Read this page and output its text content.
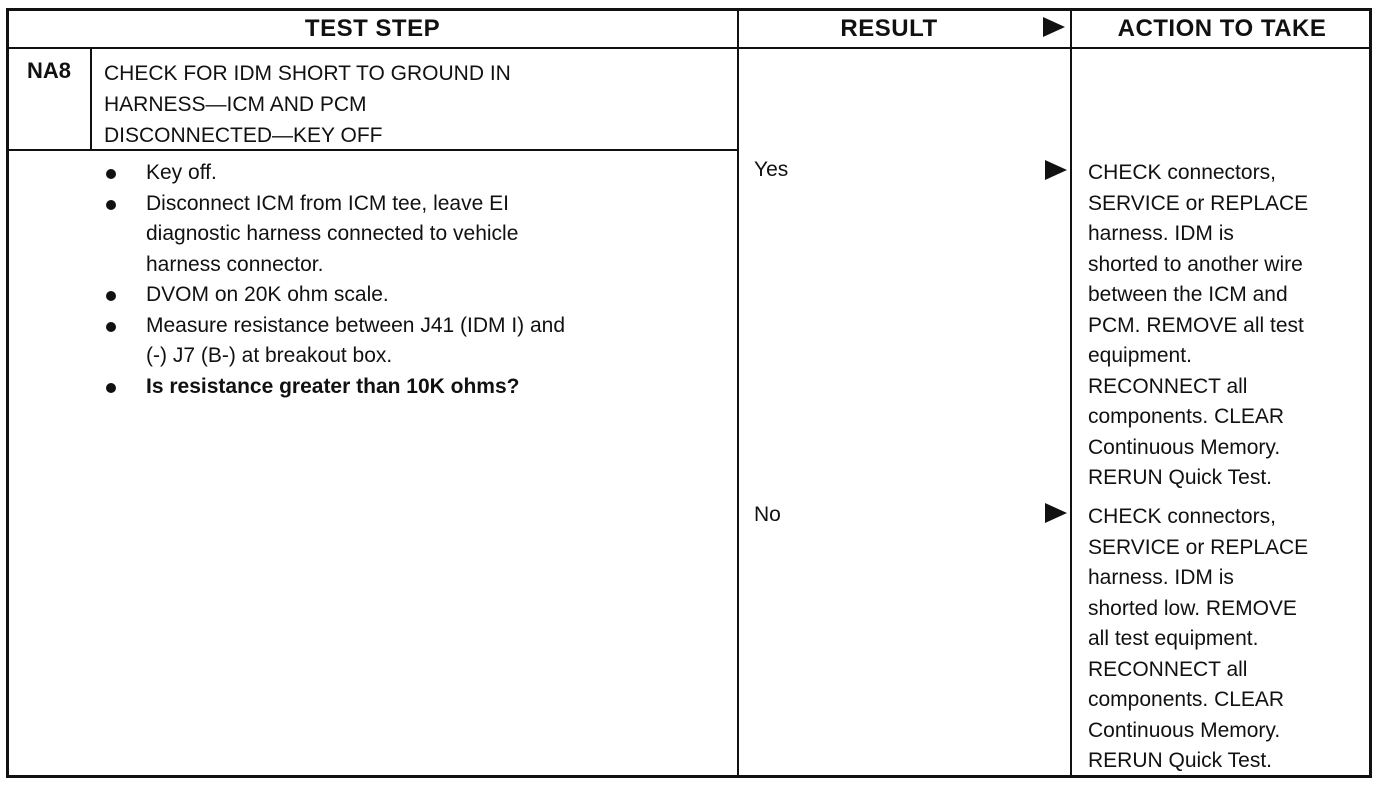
TEST STEP	RESULT	ACTION TO TAKE
NA8	CHECK FOR IDM SHORT TO GROUND IN
HARNESS—ICM AND PCM
DISCONNECTED—KEY OFF
Key off.
Disconnect ICM from ICM tee, leave EI
diagnostic harness connected to vehicle
harness connector.
DVOM on 20K ohm scale.
Measure resistance between J41 (IDM I) and
(-) J7 (B-) at breakout box.
Is resistance greater than 10K ohms?
Yes	CHECK connectors,
SERVICE or REPLACE
harness. IDM is
shorted to another wire
between the ICM and
PCM. REMOVE all test
equipment.
RECONNECT all
components. CLEAR
Continuous Memory.
RERUN Quick Test.
No	CHECK connectors,
SERVICE or REPLACE
harness. IDM is
shorted low. REMOVE
all test equipment.
RECONNECT all
components. CLEAR
Continuous Memory.
RERUN Quick Test.
